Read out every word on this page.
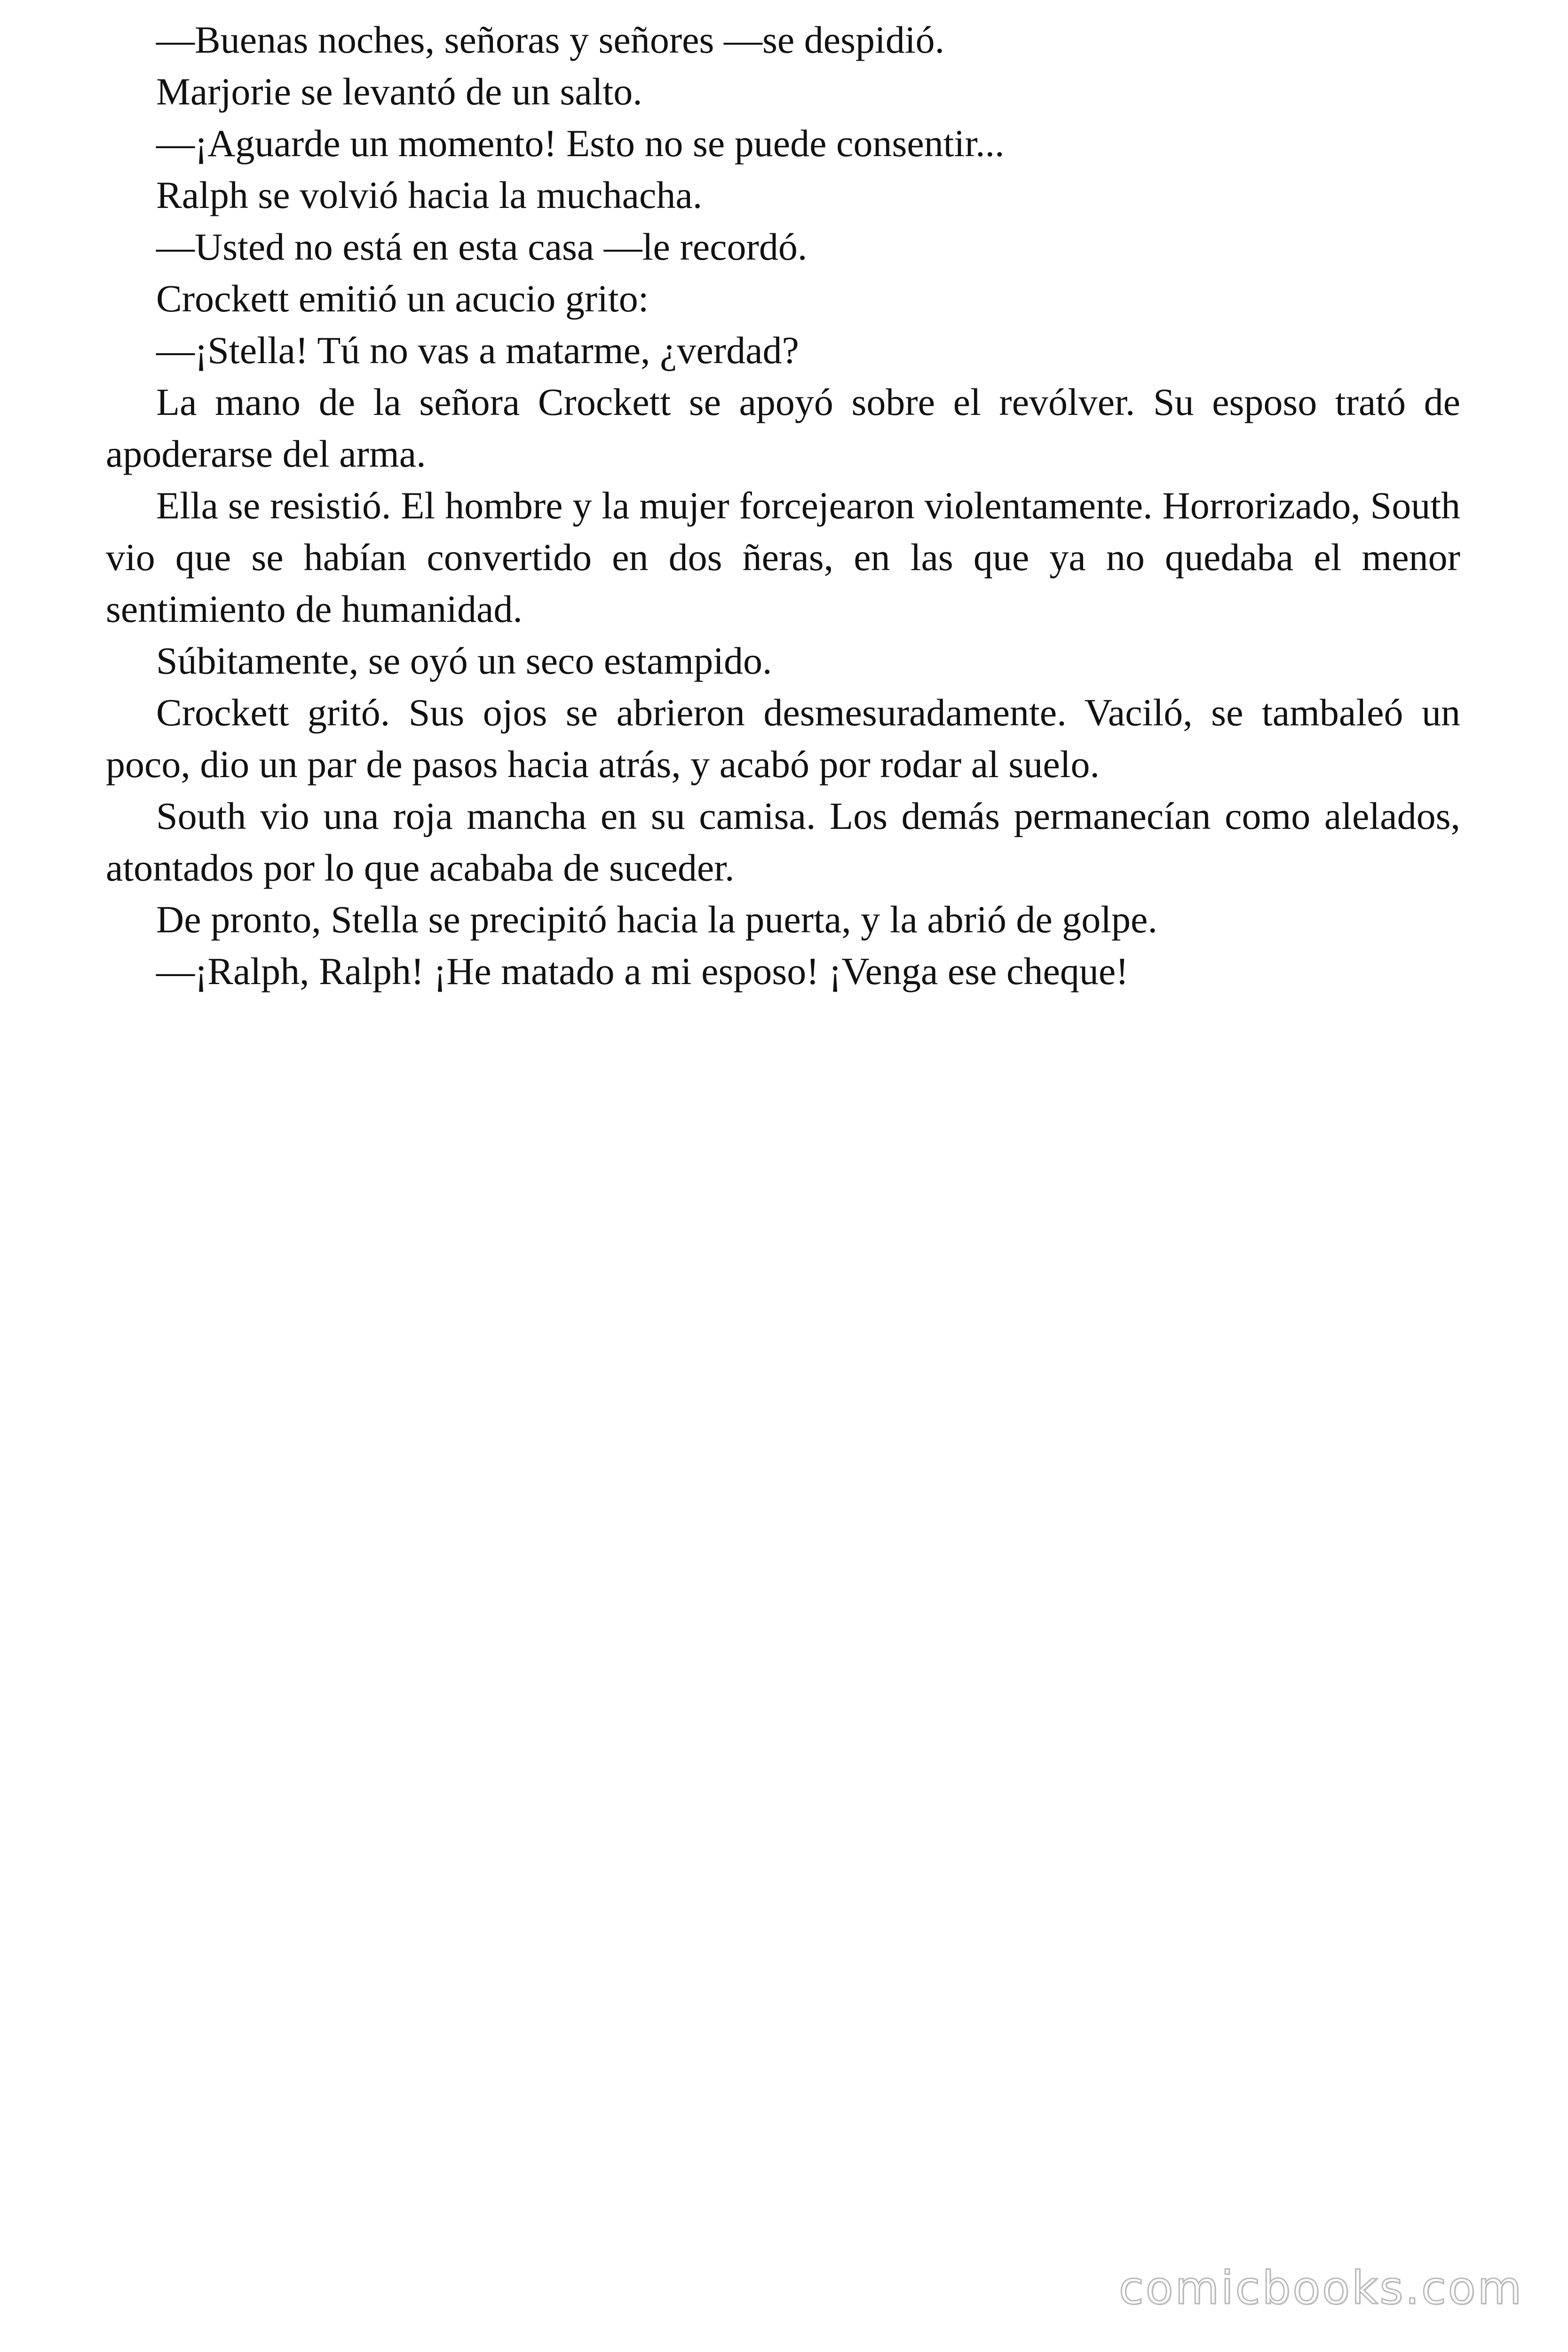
—Buenas noches, señoras y señores —se despidió.

Marjorie se levantó de un salto.

—¡Aguarde un momento! Esto no se puede consentir...

Ralph se volvió hacia la muchacha.

—Usted no está en esta casa —le recordó.

Crockett emitió un acucio grito:

—¡Stella! Tú no vas a matarme, ¿verdad?

La mano de la señora Crockett se apoyó sobre el revólver. Su esposo trató de apoderarse del arma.

Ella se resistió. El hombre y la mujer forcejearon violentamente. Horrorizado, South vio que se habían convertido en dos ñeras, en las que ya no quedaba el menor sentimiento de humanidad.

Súbitamente, se oyó un seco estampido.

Crockett gritó. Sus ojos se abrieron desmesuradamente. Vaciló, se tambaleó un poco, dio un par de pasos hacia atrás, y acabó por rodar al suelo.

South vio una roja mancha en su camisa. Los demás permanecían como alelados, atontados por lo que acababa de suceder.

De pronto, Stella se precipitó hacia la puerta, y la abrió de golpe.

—¡Ralph, Ralph! ¡He matado a mi esposo! ¡Venga ese cheque!

comicbooks.com
